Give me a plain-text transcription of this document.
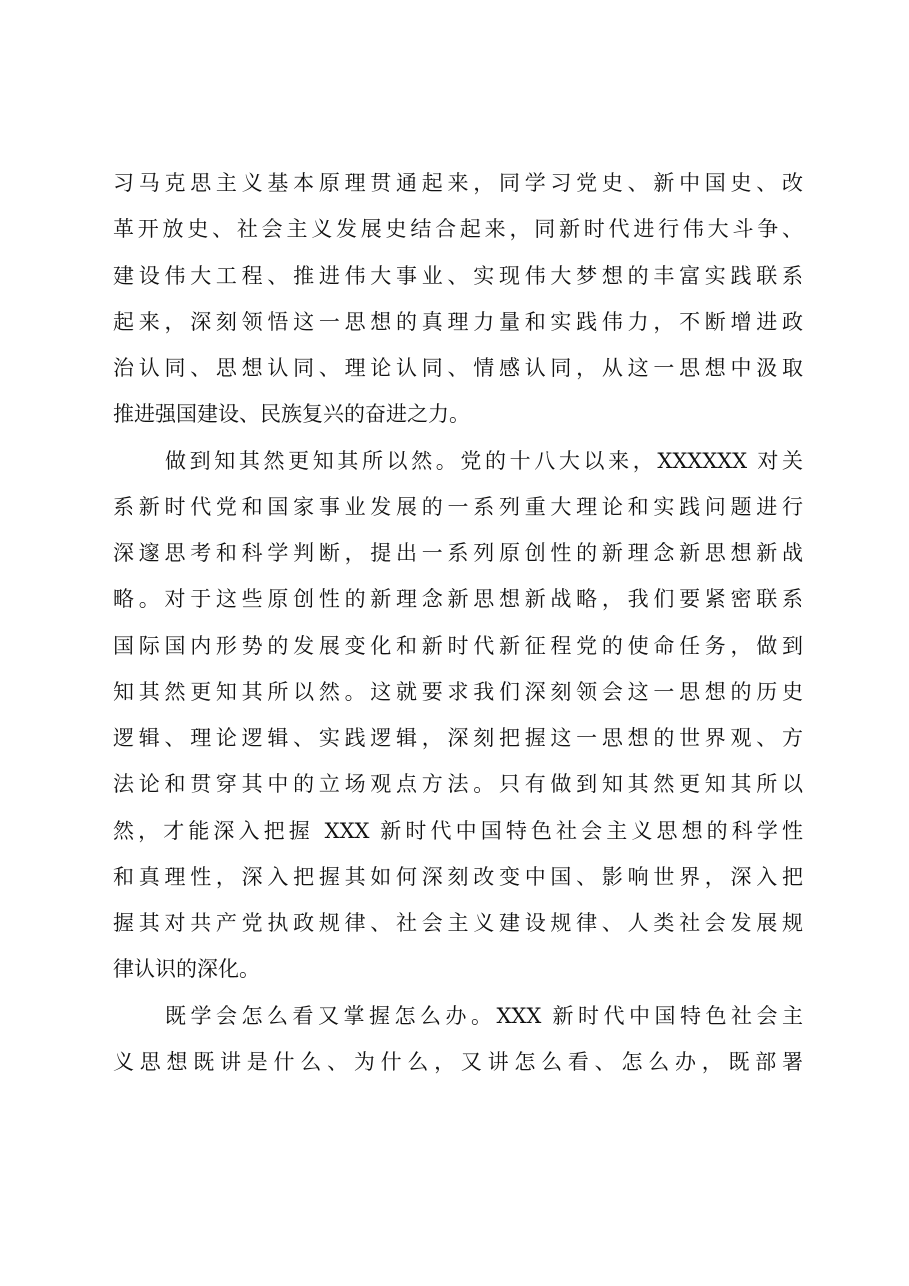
习马克思主义基本原理贯通起来，同学习党史、新中国史、改
革开放史、社会主义发展史结合起来，同新时代进行伟大斗争、
建设伟大工程、推进伟大事业、实现伟大梦想的丰富实践联系
起来，深刻领悟这一思想的真理力量和实践伟力，不断增进政
治认同、思想认同、理论认同、情感认同，从这一思想中汲取
推进强国建设、民族复兴的奋进之力。
做到知其然更知其所以然。党的十八大以来，XXXXXX 对关
系新时代党和国家事业发展的一系列重大理论和实践问题进行
深邃思考和科学判断，提出一系列原创性的新理念新思想新战
略。对于这些原创性的新理念新思想新战略，我们要紧密联系
国际国内形势的发展变化和新时代新征程党的使命任务，做到
知其然更知其所以然。这就要求我们深刻领会这一思想的历史
逻辑、理论逻辑、实践逻辑，深刻把握这一思想的世界观、方
法论和贯穿其中的立场观点方法。只有做到知其然更知其所以
然，才能深入把握 XXX 新时代中国特色社会主义思想的科学性
和真理性，深入把握其如何深刻改变中国、影响世界，深入把
握其对共产党执政规律、社会主义建设规律、人类社会发展规
律认识的深化。
既学会怎么看又掌握怎么办。XXX 新时代中国特色社会主
义思想既讲是什么、为什么，又讲怎么看、怎么办，既部署
